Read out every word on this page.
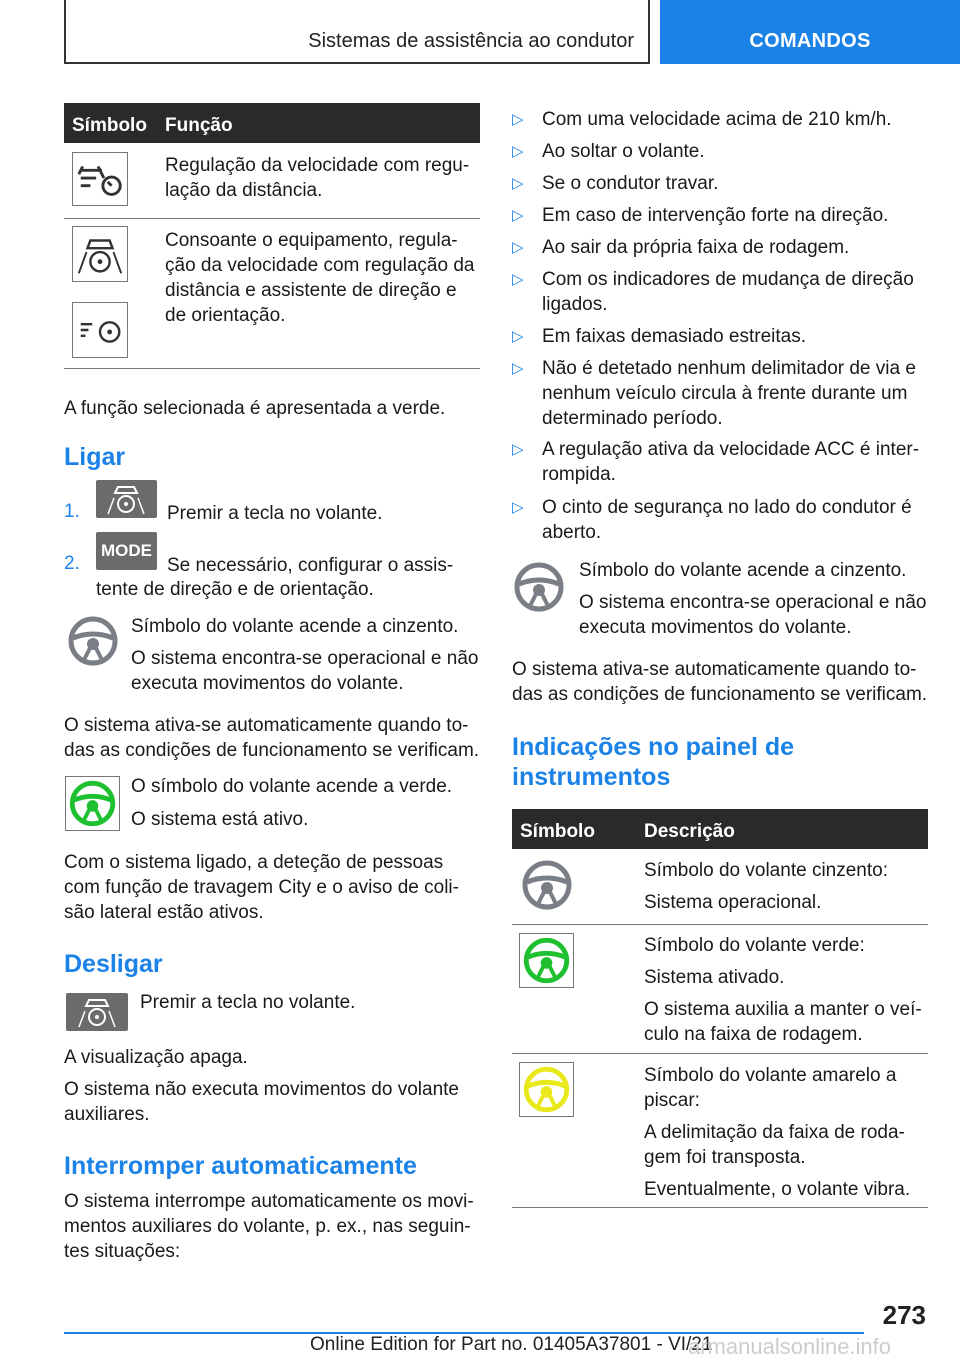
Sistemas de assistência ao condutor	COMANDOS
Símbolo Função
Regulação da velocidade com regu-
lação da distância.
Consoante o equipamento, regula-
ção da velocidade com regulação da
distância e assistente de direção e
de orientação.
A função selecionada é apresentada a verde.
Ligar
1.	Premir a tecla no volante.
2.
MODE
Se necessário, configurar o assis-
tente de direção e de orientação.
Símbolo do volante acende a cinzento.
O sistema encontra-se operacional e não
executa movimentos do volante.
O sistema ativa-se automaticamente quando to-
das as condições de funcionamento se verificam.
O símbolo do volante acende a verde.
O sistema está ativo.
Com o sistema ligado, a deteção de pessoas
com função de travagem City e o aviso de coli-
são lateral estão ativos.
Desligar
Premir a tecla no volante.
A visualização apaga.
O sistema não executa movimentos do volante
auxiliares.
Interromper automaticamente
O sistema interrompe automaticamente os movi-
mentos auxiliares do volante, p. ex., nas seguin-
tes situações:
▷ Com uma velocidade acima de 210 km/h.
▷ Ao soltar o volante.
▷ Se o condutor travar.
▷ Em caso de intervenção forte na direção.
▷ Ao sair da própria faixa de rodagem.
▷ Com os indicadores de mudança de direção
ligados.
▷ Em faixas demasiado estreitas.
▷ Não é detetado nenhum delimitador de via e
nenhum veículo circula à frente durante um
determinado período.
▷ A regulação ativa da velocidade ACC é inter-
rompida.
▷ O cinto de segurança no lado do condutor é
aberto.
Símbolo do volante acende a cinzento.
O sistema encontra-se operacional e não
executa movimentos do volante.
O sistema ativa-se automaticamente quando to-
das as condições de funcionamento se verificam.
Indicações no painel de
instrumentos
Símbolo	Descrição
Símbolo do volante cinzento:
Sistema operacional.
Símbolo do volante verde:
Sistema ativado.
O sistema auxilia a manter o veí-
culo na faixa de rodagem.
Símbolo do volante amarelo a
piscar:
A delimitação da faixa de roda-
gem foi transposta.
Eventualmente, o volante vibra.
273
Online Edition for Part no. 01405A37801 - VI/21
armanualsonline.info
